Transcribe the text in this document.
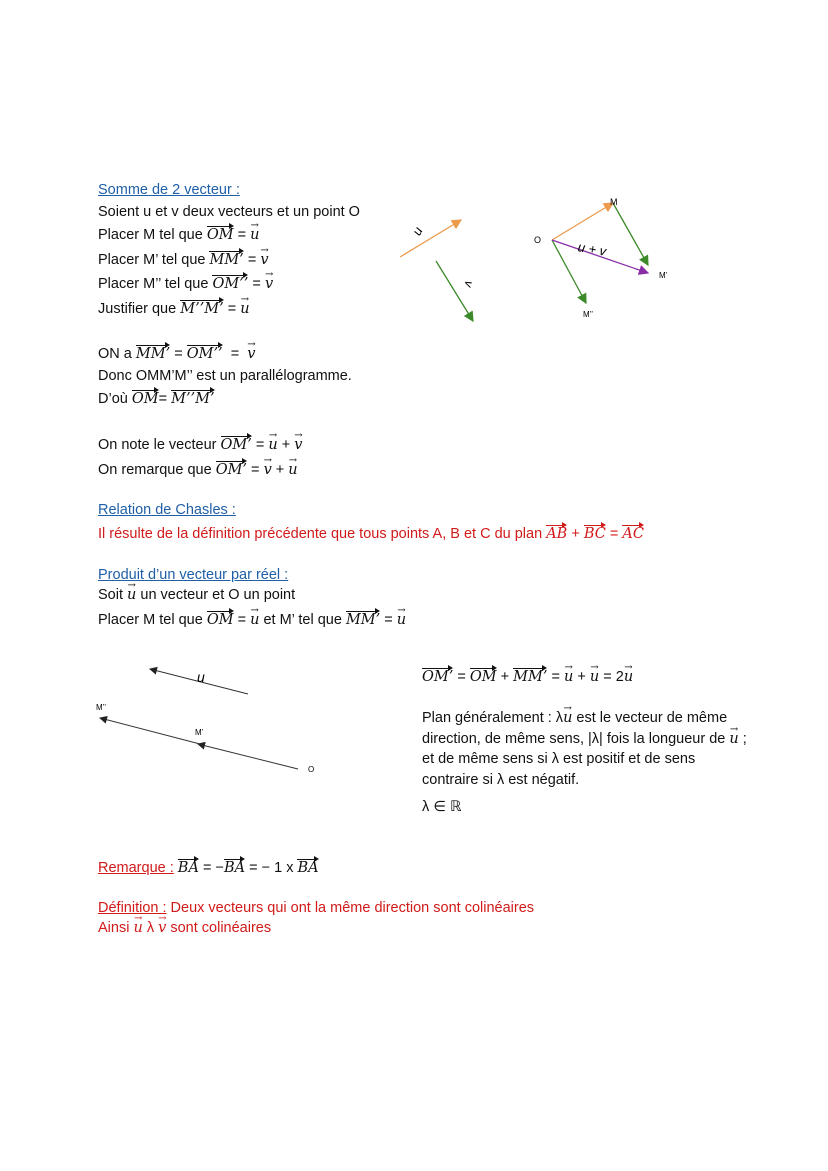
Somme de 2 vecteur :
Soient u et v deux vecteurs et un point O
Placer M tel que OM = u →
Placer M’ tel que MM’ = v →
Placer M’’ tel que OM’’ = v →
Justifier que M’’M’ = u →
u
v
O
M
M’
M’’
u + v
ON a MM’ = OM’’  =  v →
Donc OMM’M’’ est un parallélogramme.
D’où OM= M’’M’
On note le vecteur OM’ = u → + v →
On remarque que OM’ = v → + u →
Relation de Chasles :
Il résulte de la définition précédente que tous points A, B et C du plan AB + BC = AC
Produit d’un vecteur par réel :
Soit u → un vecteur et O un point
Placer M tel que OM = u → et M’ tel que MM’ = u →
u
M’’
M’
O
OM’ = OM + MM’ = u → + u → = 2u →
Plan généralement : λu → est le vecteur de même direction, de même sens, |λ| fois la longueur de u → ; et de même sens si λ est positif et de sens contraire si λ est négatif.
λ ∈ ℝ
Remarque : BA = −BA = − 1 x BA
Définition : Deux vecteurs qui ont la même direction sont colinéaires
Ainsi u → λ v → sont colinéaires
